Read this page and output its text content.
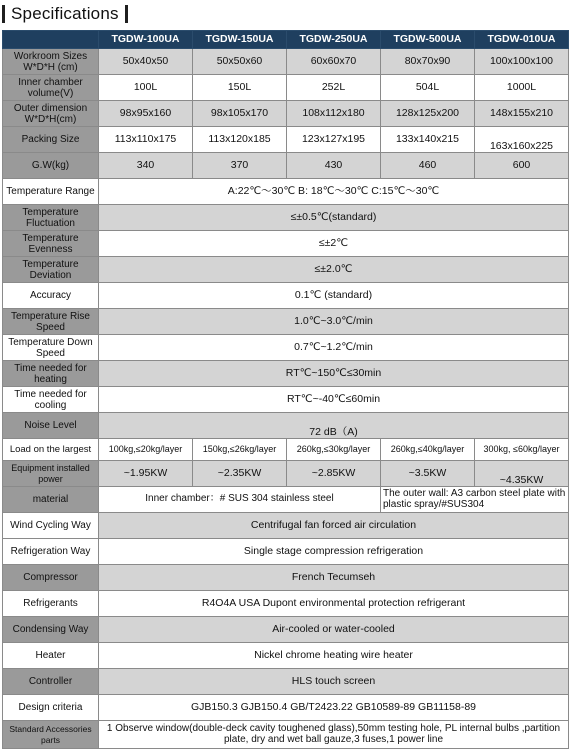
Specifications
	TGDW-100UA	TGDW-150UA	TGDW-250UA	TGDW-500UA	TGDW-010UA
Workroom Sizes W*D*H (cm)	50x40x50	50x50x60	60x60x70	80x70x90	100x100x100
Inner chamber volume(V)	100L	150L	252L	504L	1000L
Outer dimension W*D*H(cm)	98x95x160	98x105x170	108x112x180	128x125x200	148x155x210
Packing Size	113x110x175	113x120x185	123x127x195	133x140x215	163x160x225
G.W(kg)	340	370	430	460	600
Temperature Range	A:22℃～30℃ B: 18℃～30℃ C:15℃～30℃				
Temperature Fluctuation	≤±0.5℃(standard)				
Temperature Evenness	≤±2℃				
Temperature Deviation	≤±2.0℃				
Accuracy	0.1℃ (standard)				
Temperature Rise Speed	1.0℃~3.0℃/min				
Temperature Down Speed	0.7℃~1.2℃/min				
Time needed for heating	RT℃~150℃≤30min				
Time needed for cooling	RT℃~-40℃≤60min				
Noise Level	72 dB（A)				
Load on the largest	100kg,≤20kg/layer	150kg,≤26kg/layer	260kg,≤30kg/layer	260kg,≤40kg/layer	300kg, ≤60kg/layer
Equipment installed power	~1.95KW	~2.35KW	~2.85KW	~3.5KW	~4.35KW
material	Inner chamber：# SUS 304 stainless steel			The outer wall: A3 carbon steel plate with plastic spray/#SUS304	
Wind Cycling Way	Centrifugal fan forced air circulation				
Refrigeration Way	Single stage compression refrigeration				
Compressor	French Tecumseh				
Refrigerants	R4O4A USA Dupont environmental protection refrigerant				
Condensing Way	Air-cooled or water-cooled				
Heater	Nickel chrome heating wire heater				
Controller	HLS touch screen				
Design criteria	GJB150.3 GJB150.4 GB/T2423.22 GB10589-89 GB11158-89				
Standard Accessories parts	1 Observe window(double-deck cavity toughened glass),50mm testing hole, PL internal bulbs ,partition plate, dry and wet ball gauze,3 fuses,1 power line				
